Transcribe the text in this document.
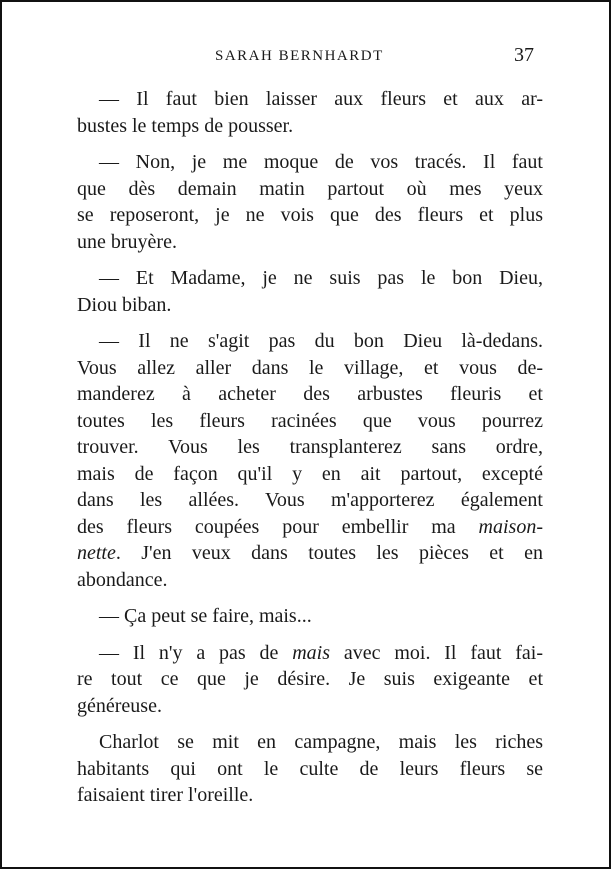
SARAH BERNHARDT	37
— Il faut bien laisser aux fleurs et aux ar-
bustes le temps de pousser.
— Non, je me moque de vos tracés. Il faut
que dès demain matin partout où mes yeux
se reposeront, je ne vois que des fleurs et plus
une bruyère.
— Et Madame, je ne suis pas le bon Dieu,
Diou biban.
— Il ne s'agit pas du bon Dieu là-dedans.
Vous allez aller dans le village, et vous de-
manderez à acheter des arbustes fleuris et
toutes les fleurs racinées que vous pourrez
trouver. Vous les transplanterez sans ordre,
mais de façon qu'il y en ait partout, excepté
dans les allées. Vous m'apporterez également
des fleurs coupées pour embellir ma maison-
nette. J'en veux dans toutes les pièces et en
abondance.
— Ça peut se faire, mais...
— Il n'y a pas de mais avec moi. Il faut fai-
re tout ce que je désire. Je suis exigeante et
généreuse.
Charlot se mit en campagne, mais les riches
habitants qui ont le culte de leurs fleurs se
faisaient tirer l'oreille.
